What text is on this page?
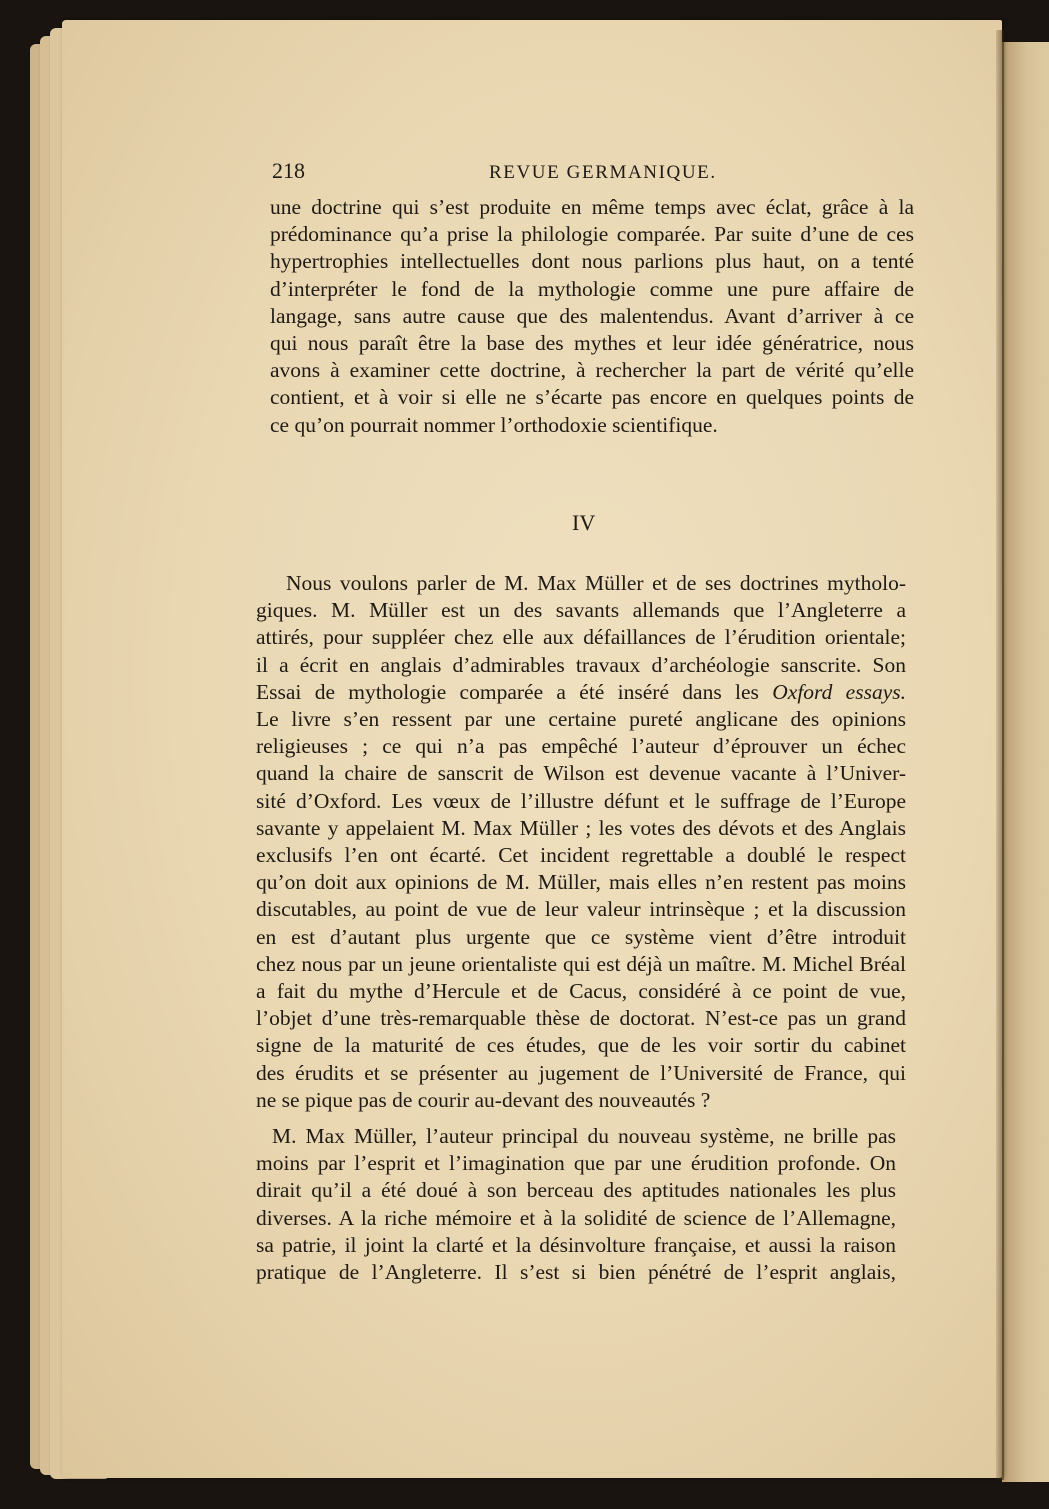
218	REVUE GERMANIQUE.
une doctrine qui s’est produite en même temps avec éclat, grâce à la
prédominance qu’a prise la philologie comparée. Par suite d’une de ces
hypertrophies intellectuelles dont nous parlions plus haut, on a tenté
d’interpréter le fond de la mythologie comme une pure affaire de
langage, sans autre cause que des malentendus. Avant d’arriver à ce
qui nous paraît être la base des mythes et leur idée génératrice, nous
avons à examiner cette doctrine, à rechercher la part de vérité qu’elle
contient, et à voir si elle ne s’écarte pas encore en quelques points de
ce qu’on pourrait nommer l’orthodoxie scientifique.
IV
Nous voulons parler de M. Max Müller et de ses doctrines mytholo-
giques. M. Müller est un des savants allemands que l’Angleterre a
attirés, pour suppléer chez elle aux défaillances de l’érudition orientale;
il a écrit en anglais d’admirables travaux d’archéologie sanscrite. Son
Essai de mythologie comparée a été inséré dans les Oxford essays.
Le livre s’en ressent par une certaine pureté anglicane des opinions
religieuses ; ce qui n’a pas empêché l’auteur d’éprouver un échec
quand la chaire de sanscrit de Wilson est devenue vacante à l’Univer-
sité d’Oxford. Les vœux de l’illustre défunt et le suffrage de l’Europe
savante y appelaient M. Max Müller ; les votes des dévots et des Anglais
exclusifs l’en ont écarté. Cet incident regrettable a doublé le respect
qu’on doit aux opinions de M. Müller, mais elles n’en restent pas moins
discutables, au point de vue de leur valeur intrinsèque ; et la discussion
en est d’autant plus urgente que ce système vient d’être introduit
chez nous par un jeune orientaliste qui est déjà un maître. M. Michel Bréal
a fait du mythe d’Hercule et de Cacus, considéré à ce point de vue,
l’objet d’une très-remarquable thèse de doctorat. N’est-ce pas un grand
signe de la maturité de ces études, que de les voir sortir du cabinet
des érudits et se présenter au jugement de l’Université de France, qui
ne se pique pas de courir au-devant des nouveautés ?
M. Max Müller, l’auteur principal du nouveau système, ne brille pas
moins par l’esprit et l’imagination que par une érudition profonde. On
dirait qu’il a été doué à son berceau des aptitudes nationales les plus
diverses. A la riche mémoire et à la solidité de science de l’Allemagne,
sa patrie, il joint la clarté et la désinvolture française, et aussi la raison
pratique de l’Angleterre. Il s’est si bien pénétré de l’esprit anglais,
